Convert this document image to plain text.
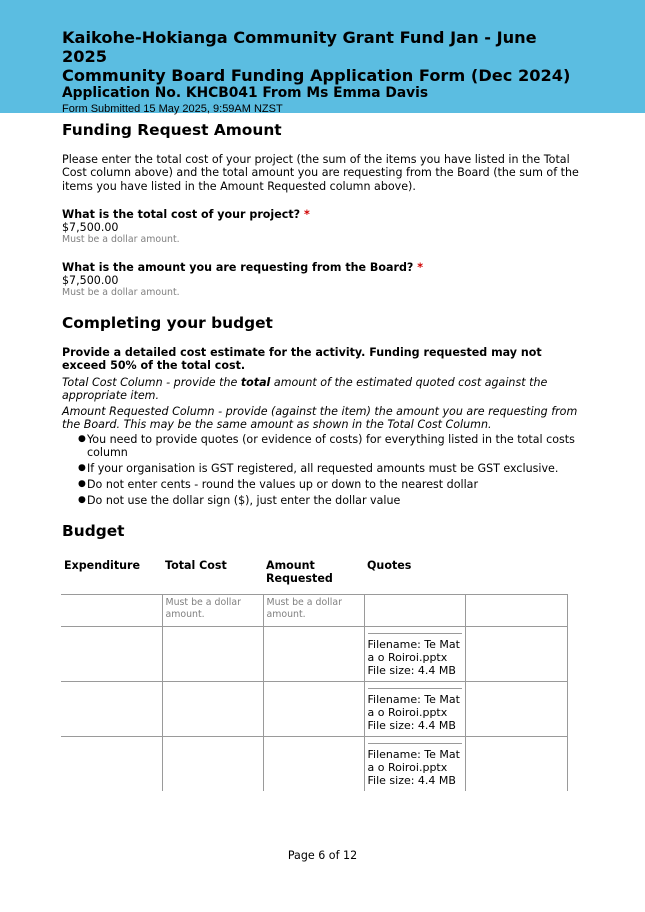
Kaikohe-Hokianga Community Grant Fund Jan - June 2025

Community Board Funding Application Form (Dec 2024)

Application No. KHCB041 From Ms Emma Davis

Form Submitted 15 May 2025, 9:59AM NZST

Funding Request Amount

Please enter the total cost of your project (the sum of the items you have listed in the Total Cost column above) and the total amount you are requesting from the Board (the sum of the items you have listed in the Amount Requested column above).

What is the total cost of your project? *

$7,500.00

Must be a dollar amount.

What is the amount you are requesting from the Board? *

$7,500.00

Must be a dollar amount.

Completing your budget

Provide a detailed cost estimate for the activity. Funding requested may not exceed 50% of the total cost.

Total Cost Column - provide the total amount of the estimated quoted cost against the appropriate item.

Amount Requested Column - provide (against the item) the amount you are requesting from the Board. This may be the same amount as shown in the Total Cost Column.

● You need to provide quotes (or evidence of costs) for everything listed in the total costs column
● If your organisation is GST registered, all requested amounts must be GST exclusive.
● Do not enter cents - round the values up or down to the nearest dollar
● Do not use the dollar sign ($), just enter the dollar value
Budget
Expenditure	Total Cost	Amount Requested	Quotes	
	Must be a dollar amount.	Must be a dollar amount.		

			Filename: Te Mat a o Roiroi.pptx
File size: 4.4 MB	

			Filename: Te Mat a o Roiroi.pptx
File size: 4.4 MB	

			Filename: Te Mat a o Roiroi.pptx
File size: 4.4 MB	

Page 6 of 12
